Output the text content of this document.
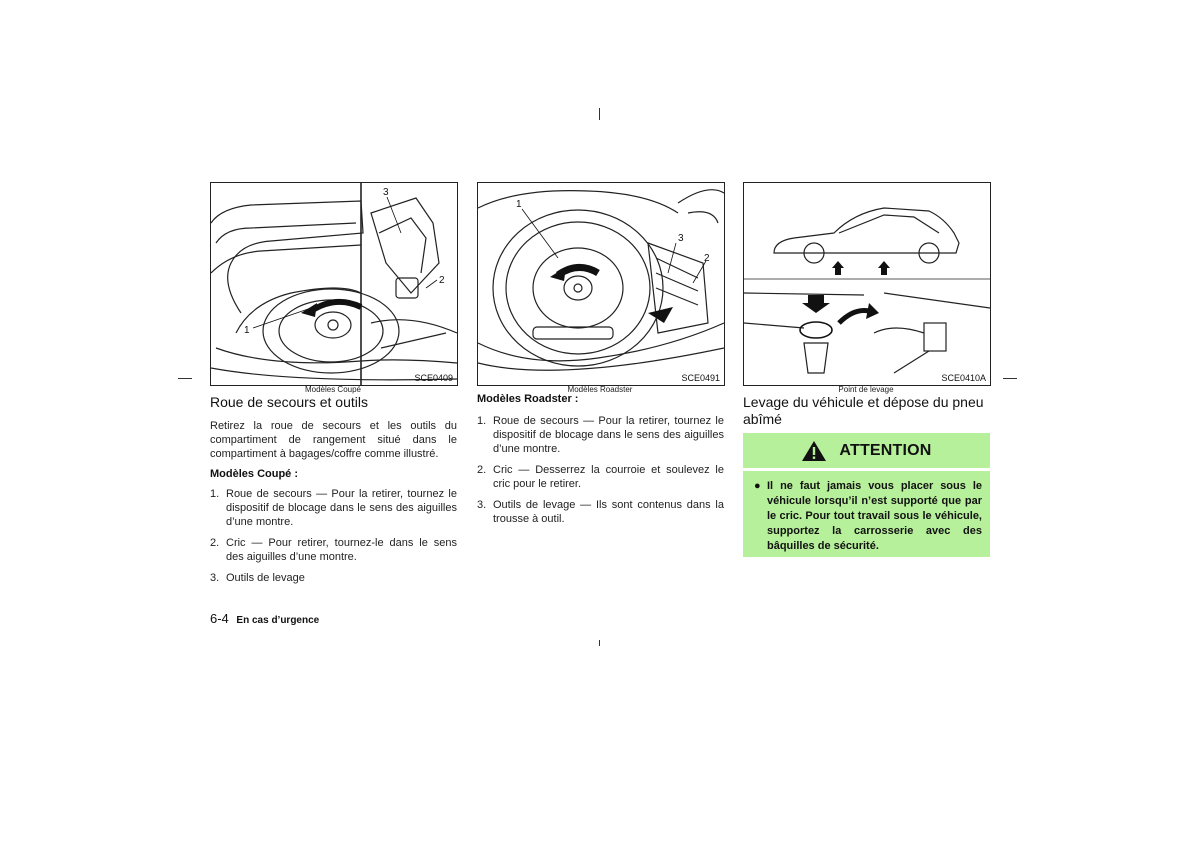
1
2
3
SCE0409
Modèles Coupé
1
2
3
SCE0491
Modèles Roadster
SCE0410A
Point de levage
Roue de secours et outils

Retirez la roue de secours et les outils du compartiment de rangement situé dans le compartiment à bagages/coffre comme illustré.

Modèles Coupé :
1. Roue de secours — Pour la retirer, tournez le dispositif de blocage dans le sens des aiguilles d’une montre.
2. Cric — Pour retirer, tournez-le dans le sens des aiguilles d’une montre.
3. Outils de levage
Modèles Roadster :
1. Roue de secours — Pour la retirer, tournez le dispositif de blocage dans le sens des aiguilles d’une montre.
2. Cric — Desserrez la courroie et soulevez le cric pour le retirer.
3. Outils de levage — Ils sont contenus dans la trousse à outil.
Levage du véhicule et dépose du pneu abîmé
ATTENTION
● Il ne faut jamais vous placer sous le véhicule lorsqu’il n’est supporté que par le cric. Pour tout travail sous le véhicule, supportez la carrosserie avec des bâquilles de sécurité.
6-4 En cas d’urgence
